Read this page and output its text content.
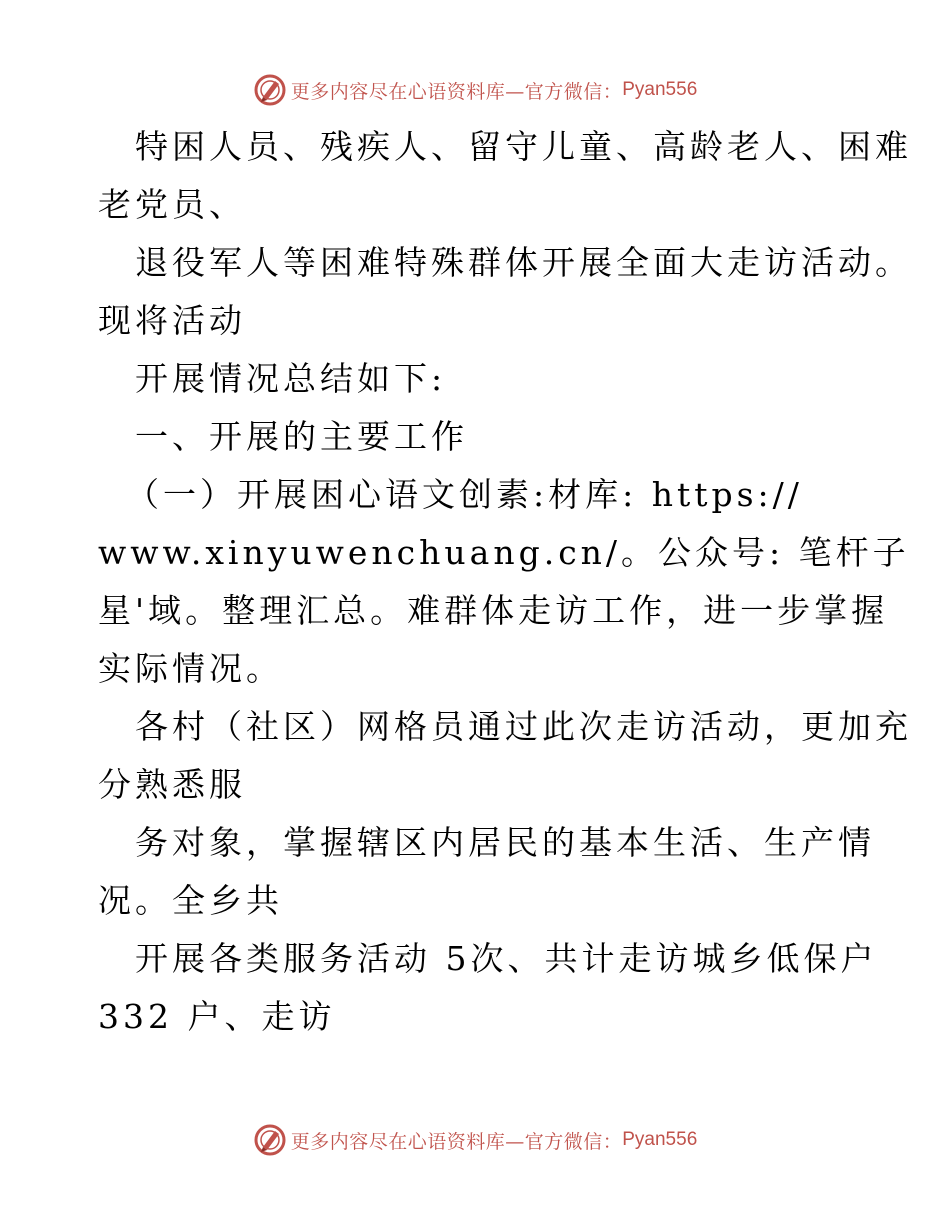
更多内容尽在心语资料库—官方微信： Pyan556
特困人员、残疾人、留守儿童、高龄老人、困难
老党员、
退役军人等困难特殊群体开展全面大走访活动。
现将活动
开展情况总结如下:
一、开展的主要工作
（一）开展困心语文创素:材库: https://
www.xinyuwenchuang.cn/。公众号: 笔杆子
星'域。整理汇总。难群体走访工作，进一步掌握
实际情况。
各村（社区）网格员通过此次走访活动，更加充
分熟悉服
务对象，掌握辖区内居民的基本生活、生产情
况。全乡共
开展各类服务活动 5次、共计走访城乡低保户
332 户、走访
更多内容尽在心语资料库—官方微信： Pyan556
